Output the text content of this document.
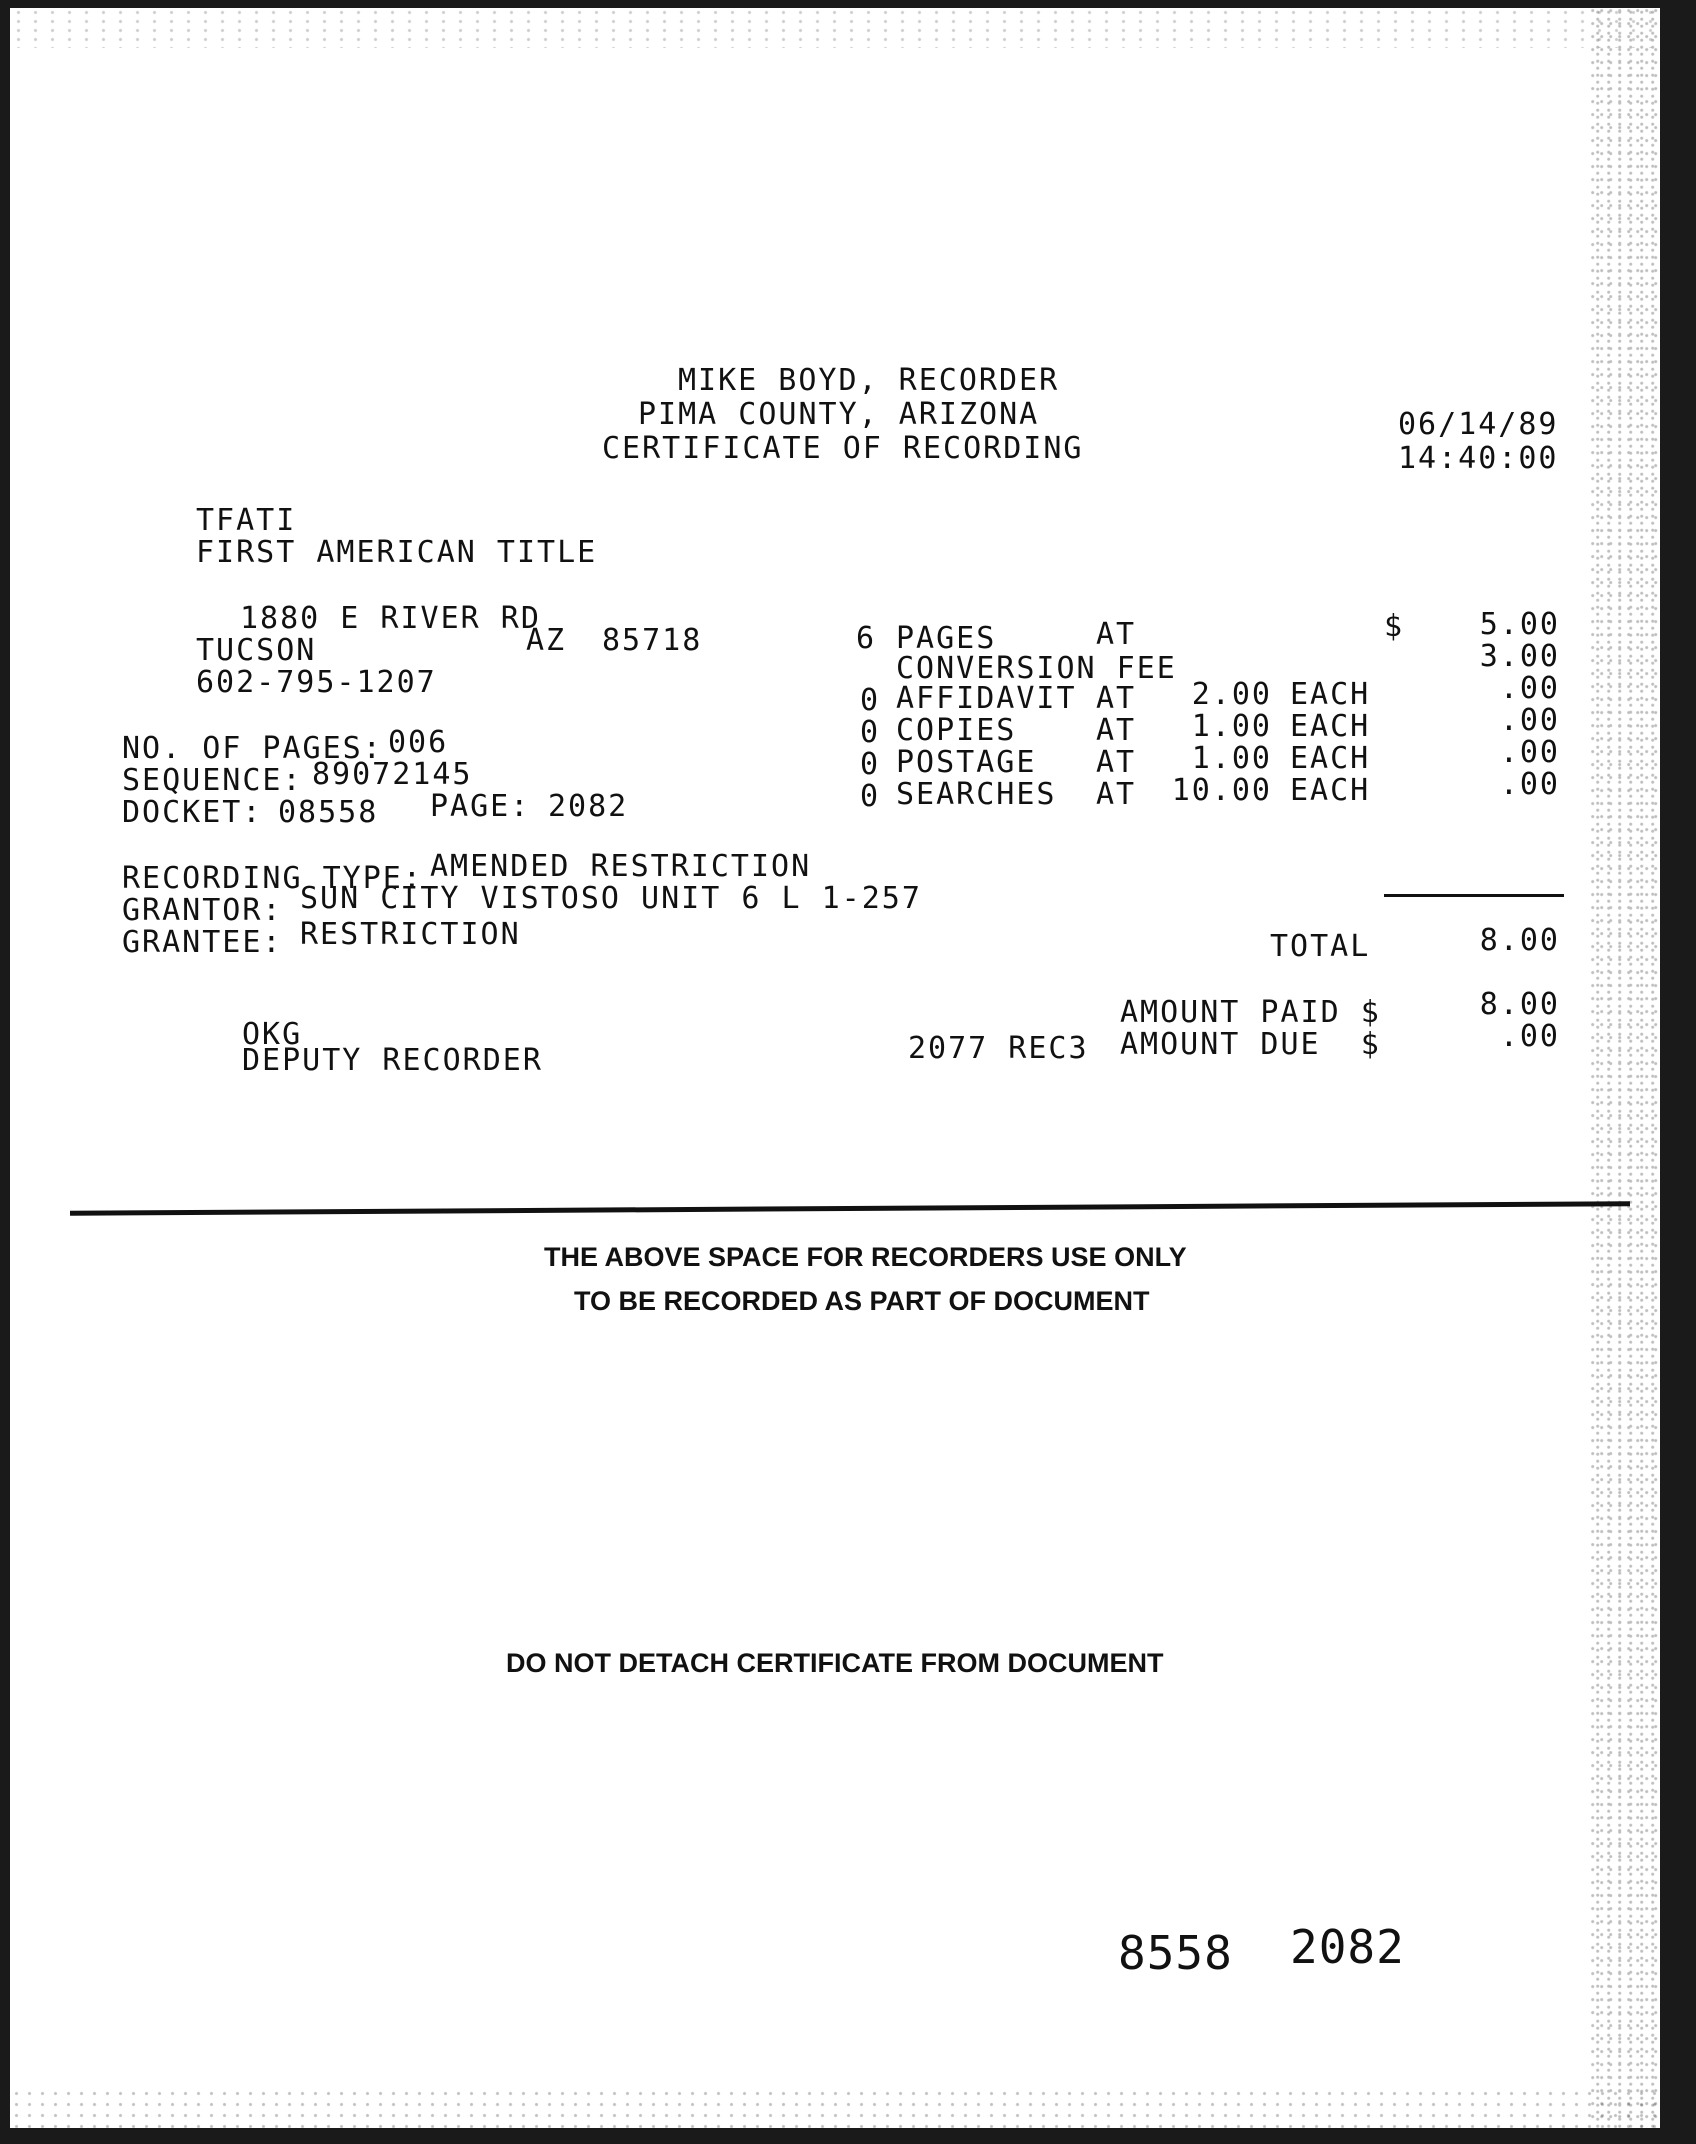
MIKE BOYD, RECORDER
PIMA COUNTY, ARIZONA
CERTIFICATE OF RECORDING
06/14/89
14:40:00
TFATI
FIRST AMERICAN TITLE
1880 E RIVER RD
TUCSON	AZ 85718
602-795-1207
NO. OF PAGES: 006
SEQUENCE: 89072145
DOCKET: 08558 PAGE: 2082
RECORDING TYPE: AMENDED RESTRICTION
GRANTOR: SUN CITY VISTOSO UNIT 6 L 1-257
GRANTEE: RESTRICTION
6 PAGES	AT	$	5.00
CONVERSION FEE	3.00
0 AFFIDAVIT AT	2.00 EACH	.00
0 COPIES	AT	1.00 EACH	.00
0 POSTAGE AT	1.00 EACH	.00
0 SEARCHES AT	10.00 EACH	.00
TOTAL	8.00
AMOUNT PAID $	8.00
AMOUNT DUE  $	.00
2077 REC3
OKG
DEPUTY RECORDER
THE ABOVE SPACE FOR RECORDERS USE ONLY
TO BE RECORDED AS PART OF DOCUMENT
DO NOT DETACH CERTIFICATE FROM DOCUMENT
8558 2082
